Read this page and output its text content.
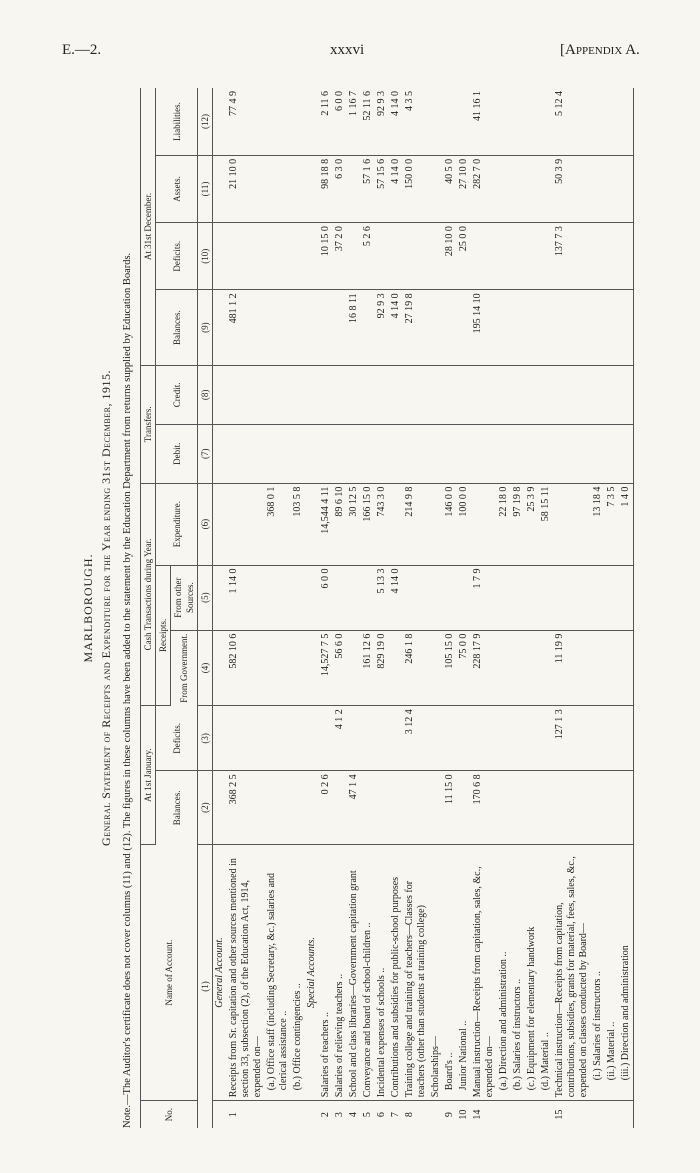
E.—2.	xxxvi	[Appendix A.
MARLBOROUGH. General Statement of Receipts and Expenditure for the Year ending 31st December, 1915. Note.—The Auditor's certificate does not cover columns (11) and (12). The figures in these columns have been added to the statement by the Education Department from returns supplied by Education Boards.	No.	Name of Account.	At 1st January.		Cash Transactions during Year.			Transfers.		At 31st December.			
		Balances.	Deficits.	Receipts.		Expenditure.	Debit.	Credit.	Balances.	Deficits.	Assets.	Liabilities.
				From Government.	From other Sources.							
(1)		(2)	(3)	(4)	(5)	(6)	(7)	(8)	(9)	(10)	(11)	(12)
	General Account.											
1	Receipts from Sr. capitation and other sources mentioned in section 33, subsection (2), of the Education Act, 1914, expended on—	368 2 5		582 10 6	1 14 0				481 1 2		21 10 0	77 4 9
	(a.) Office staff (including Secretary, &c.) salaries and clerical assistance ..					368 0 1						
	(b.) Office contingencies ..					103 5 8						
	Special Accounts.											
2	Salaries of teachers ..	0 2 6		14,527 7 5	6 0 0	14,544 4 11				10 15 0	98 18 8	2 11 6
3	Salaries of relieving teachers ..		4 1 2	56 6 0		89 6 10				37 2 0	6 3 0	6 0 0
4	School and class libraries—Government capitation grant	47 1 4				30 12 5			16 8 11			1 16 7
5	Conveyance and board of school-children ..			161 12 6		166 15 0				5 2 6	57 1 6	52 11 6
6	Incidental expenses of schools ..			829 19 0	5 13 3	743 3 0			92 9 3		57 15 6	92 9 3
7	Contributions and subsidies for public-school purposes				4 14 0				4 14 0		4 14 0	4 14 0
8	Training college and training of teachers—Classes for teachers (other than students at training college)		3 12 4	246 1 8		214 9 8			27 19 8		150 0 0	4 3 5
	Scholarships—											
9	Board's ..	11 15 0		105 15 0		146 0 0				28 10 0	40 5 0	
10	Junior National ..			75 0 0		100 0 0				25 0 0	27 10 0	
14	Manual instruction—Receipts from capitation, sales, &c., expended on—	170 6 8		228 17 9	1 7 9				195 14 10		282 7 0	41 16 1
	(a.) Direction and administration ..					22 18 0						
	(b.) Salaries of instructors ..					97 19 8						
	(c.) Equipment for elementary handwork					25 3 9						
	(d.) Material ..					58 15 11						
15	Technical instruction—Receipts from capitation, contributions, subsidies, grants for material, fees, sales, &c., expended on classes conducted by Board—		127 1 3	11 19 9						137 7 3	50 3 9	5 12 4
	(i.) Salaries of instructors ..					13 18 4						
	(ii.) Material ..					7 3 5						
	(iii.) Direction and administration					1 4 0						
